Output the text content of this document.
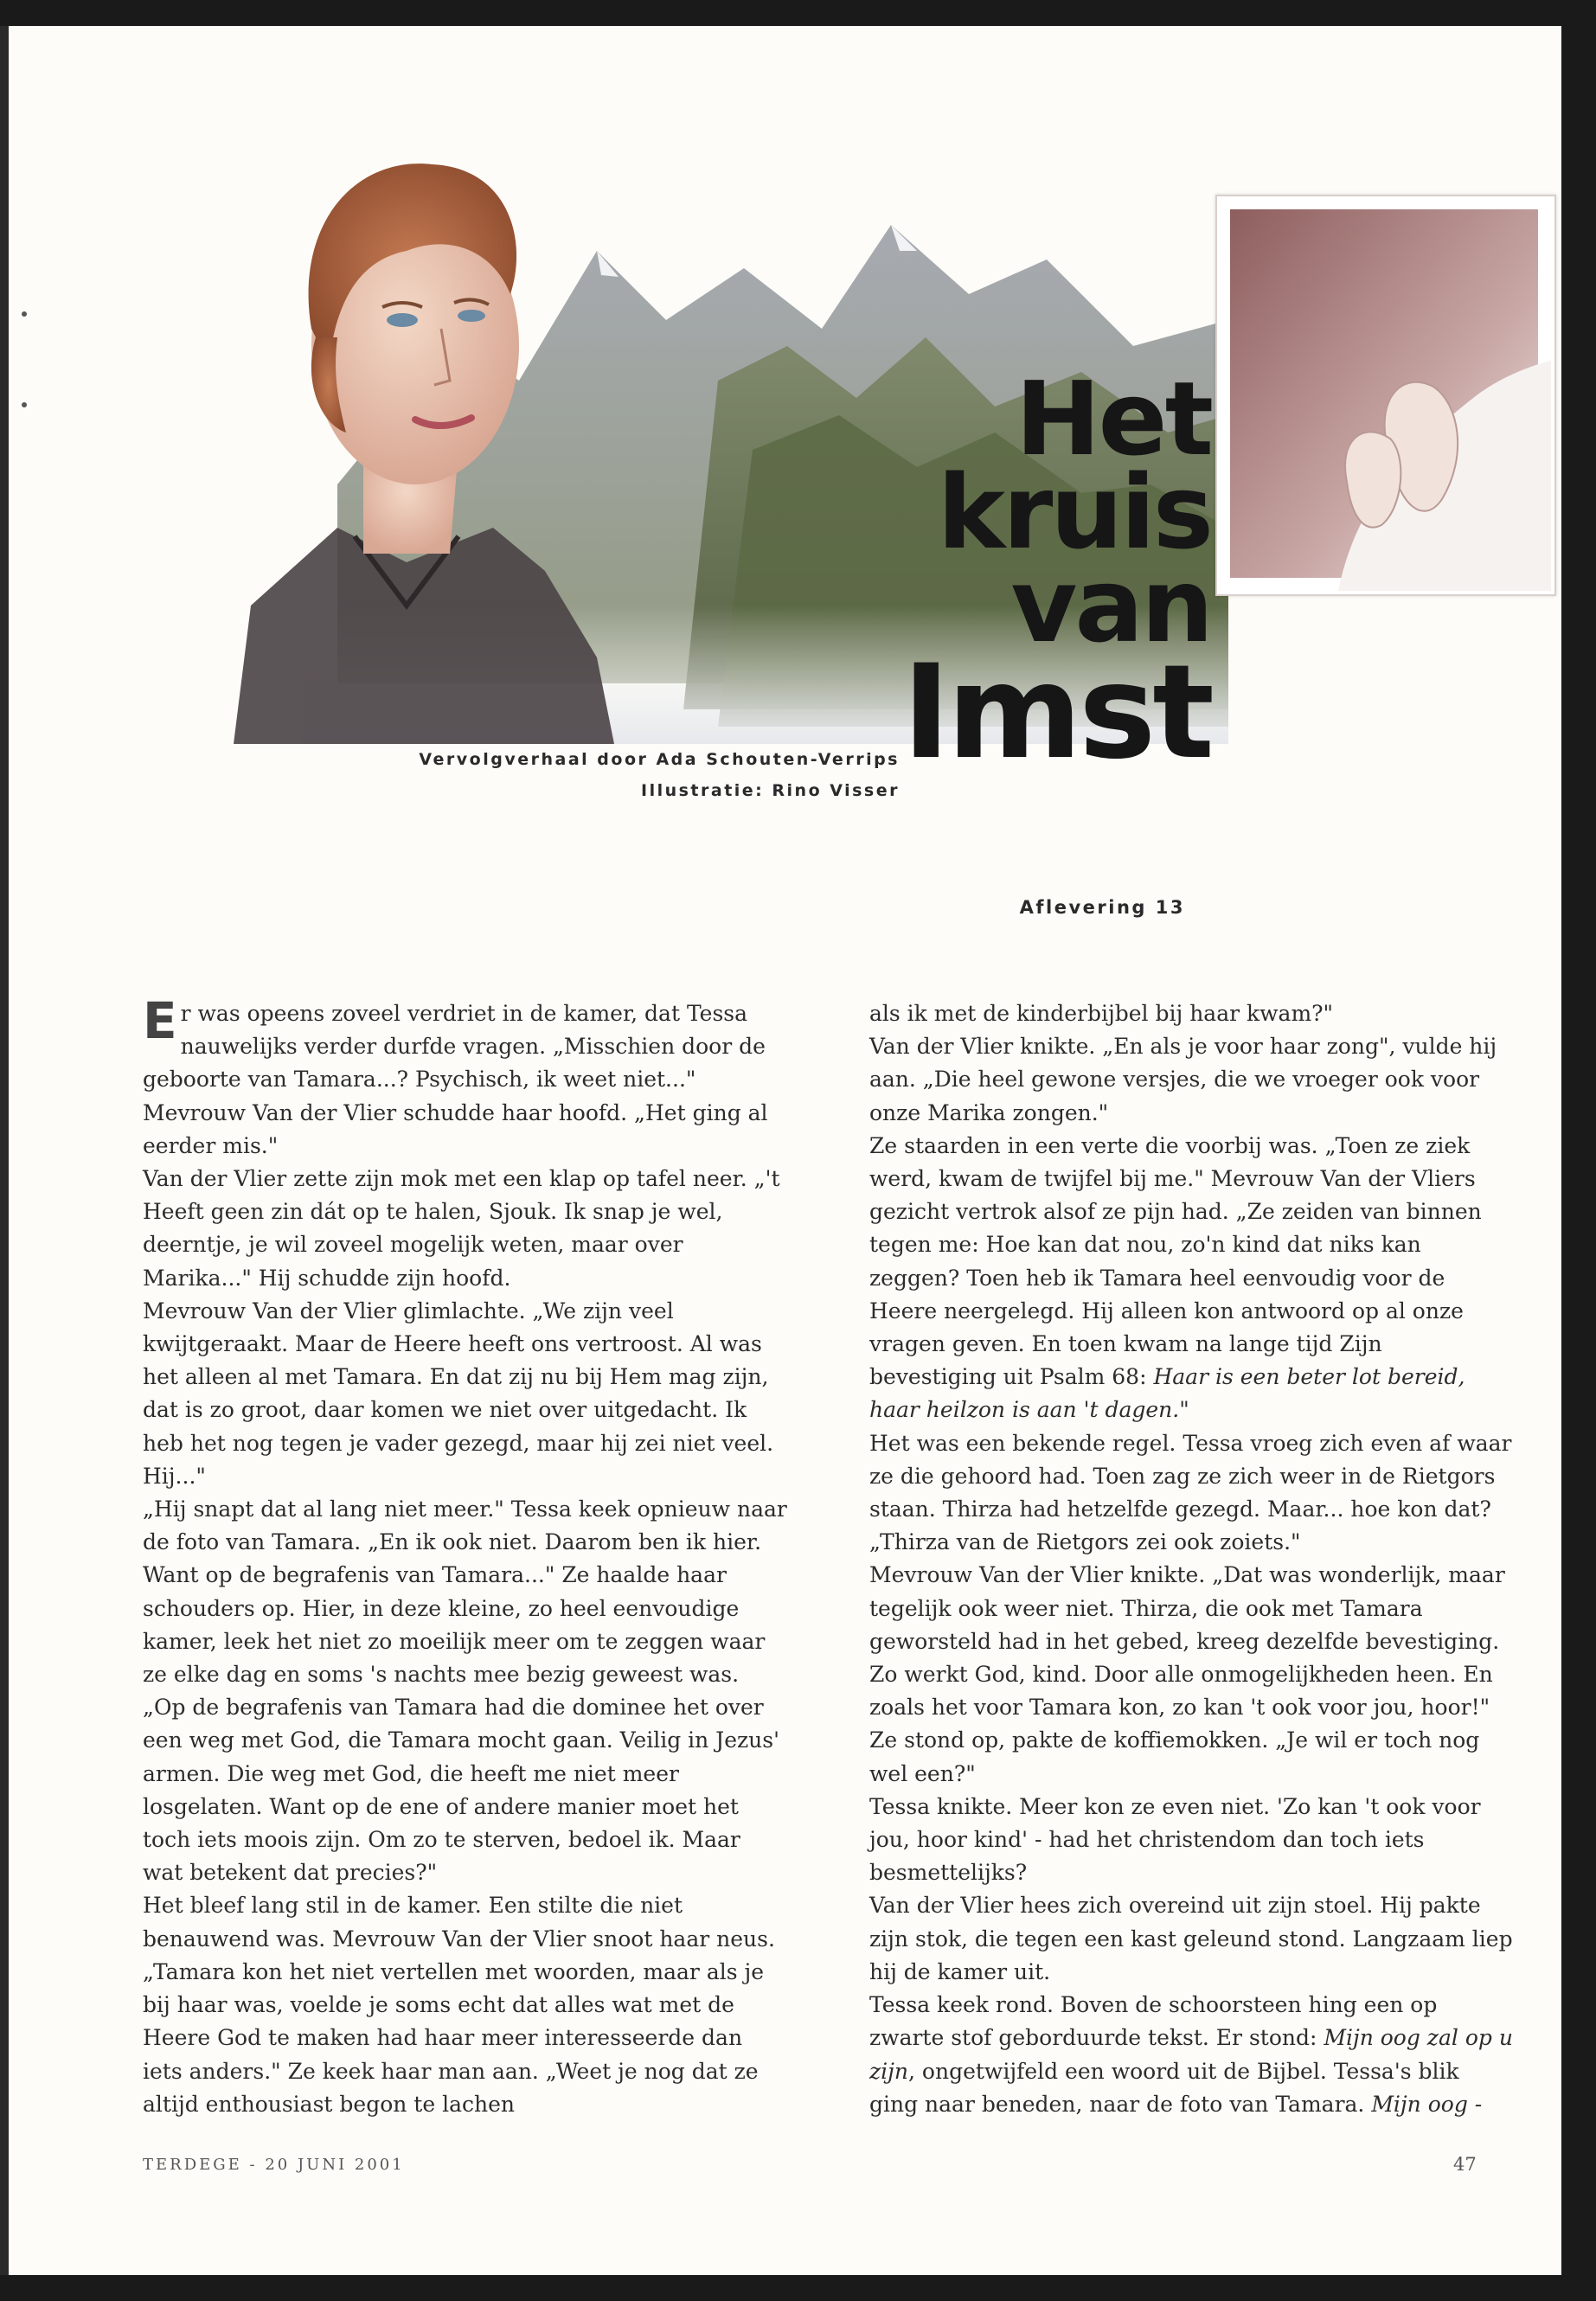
Het
kruis
van
Imst
Vervolgverhaal door Ada Schouten-Verrips
Illustratie: Rino Visser
Aflevering 13

Er was opeens zoveel verdriet in de kamer, dat Tessa nauwelijks verder durfde vragen. „Misschien door de geboorte van Tamara...? Psychisch, ik weet niet..." Mevrouw Van der Vlier schudde haar hoofd. „Het ging al eerder mis."

Van der Vlier zette zijn mok met een klap op tafel neer. „'t Heeft geen zin dát op te halen, Sjouk. Ik snap je wel, deerntje, je wil zoveel mogelijk weten, maar over Marika..." Hij schudde zijn hoofd.

Mevrouw Van der Vlier glimlachte. „We zijn veel kwijtgeraakt. Maar de Heere heeft ons vertroost. Al was het alleen al met Tamara. En dat zij nu bij Hem mag zijn, dat is zo groot, daar komen we niet over uitgedacht. Ik heb het nog tegen je vader gezegd, maar hij zei niet veel. Hij..."

„Hij snapt dat al lang niet meer." Tessa keek opnieuw naar de foto van Tamara. „En ik ook niet. Daarom ben ik hier. Want op de begrafenis van Tamara..." Ze haalde haar schouders op. Hier, in deze kleine, zo heel eenvoudige kamer, leek het niet zo moeilijk meer om te zeggen waar ze elke dag en soms 's nachts mee bezig geweest was. „Op de begrafenis van Tamara had die dominee het over een weg met God, die Tamara mocht gaan. Veilig in Jezus' armen. Die weg met God, die heeft me niet meer losgelaten. Want op de ene of andere manier moet het toch iets moois zijn. Om zo te sterven, bedoel ik. Maar wat betekent dat precies?"

Het bleef lang stil in de kamer. Een stilte die niet benauwend was. Mevrouw Van der Vlier snoot haar neus. „Tamara kon het niet vertellen met woorden, maar als je bij haar was, voelde je soms echt dat alles wat met de Heere God te maken had haar meer interesseerde dan iets anders." Ze keek haar man aan. „Weet je nog dat ze altijd enthousiast begon te lachen

als ik met de kinderbijbel bij haar kwam?"

Van der Vlier knikte. „En als je voor haar zong", vulde hij aan. „Die heel gewone versjes, die we vroeger ook voor onze Marika zongen."

Ze staarden in een verte die voorbij was. „Toen ze ziek werd, kwam de twijfel bij me." Mevrouw Van der Vliers gezicht vertrok alsof ze pijn had. „Ze zeiden van binnen tegen me: Hoe kan dat nou, zo'n kind dat niks kan zeggen? Toen heb ik Tamara heel eenvoudig voor de Heere neergelegd. Hij alleen kon antwoord op al onze vragen geven. En toen kwam na lange tijd Zijn bevestiging uit Psalm 68: Haar is een beter lot bereid, haar heilzon is aan 't dagen."

Het was een bekende regel. Tessa vroeg zich even af waar ze die gehoord had. Toen zag ze zich weer in de Rietgors staan. Thirza had hetzelfde gezegd. Maar... hoe kon dat? „Thirza van de Rietgors zei ook zoiets."

Mevrouw Van der Vlier knikte. „Dat was wonderlijk, maar tegelijk ook weer niet. Thirza, die ook met Tamara geworsteld had in het gebed, kreeg dezelfde bevestiging. Zo werkt God, kind. Door alle onmogelijkheden heen. En zoals het voor Tamara kon, zo kan 't ook voor jou, hoor!" Ze stond op, pakte de koffiemokken. „Je wil er toch nog wel een?"

Tessa knikte. Meer kon ze even niet. 'Zo kan 't ook voor jou, hoor kind' - had het christendom dan toch iets besmettelijks?

Van der Vlier hees zich overeind uit zijn stoel. Hij pakte zijn stok, die tegen een kast geleund stond. Langzaam liep hij de kamer uit.

Tessa keek rond. Boven de schoorsteen hing een op zwarte stof geborduurde tekst. Er stond: Mijn oog zal op u zijn, ongetwijfeld een woord uit de Bijbel. Tessa's blik ging naar beneden, naar de foto van Tamara. Mijn oog -

TERDEGE - 20 JUNI 2001	47
